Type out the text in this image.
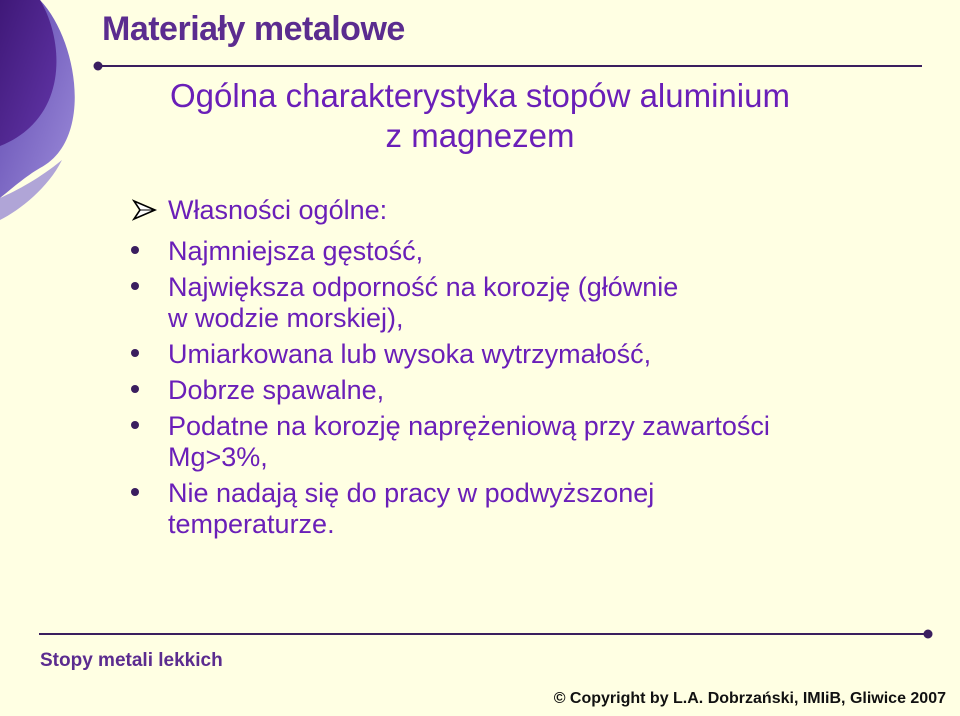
Materiały metalowe
Ogólna charakterystyka stopów aluminium
z magnezem
Własności ogólne:
Najmniejsza gęstość,
Największa odporność na korozję (głównie
w wodzie morskiej),
Umiarkowana lub wysoka wytrzymałość,
Dobrze spawalne,
Podatne na korozję naprężeniową przy zawartości
Mg>3%,
Nie nadają się do pracy w podwyższonej
temperaturze.
Stopy metali lekkich
© Copyright by L.A. Dobrzański, IMIiB, Gliwice 2007
